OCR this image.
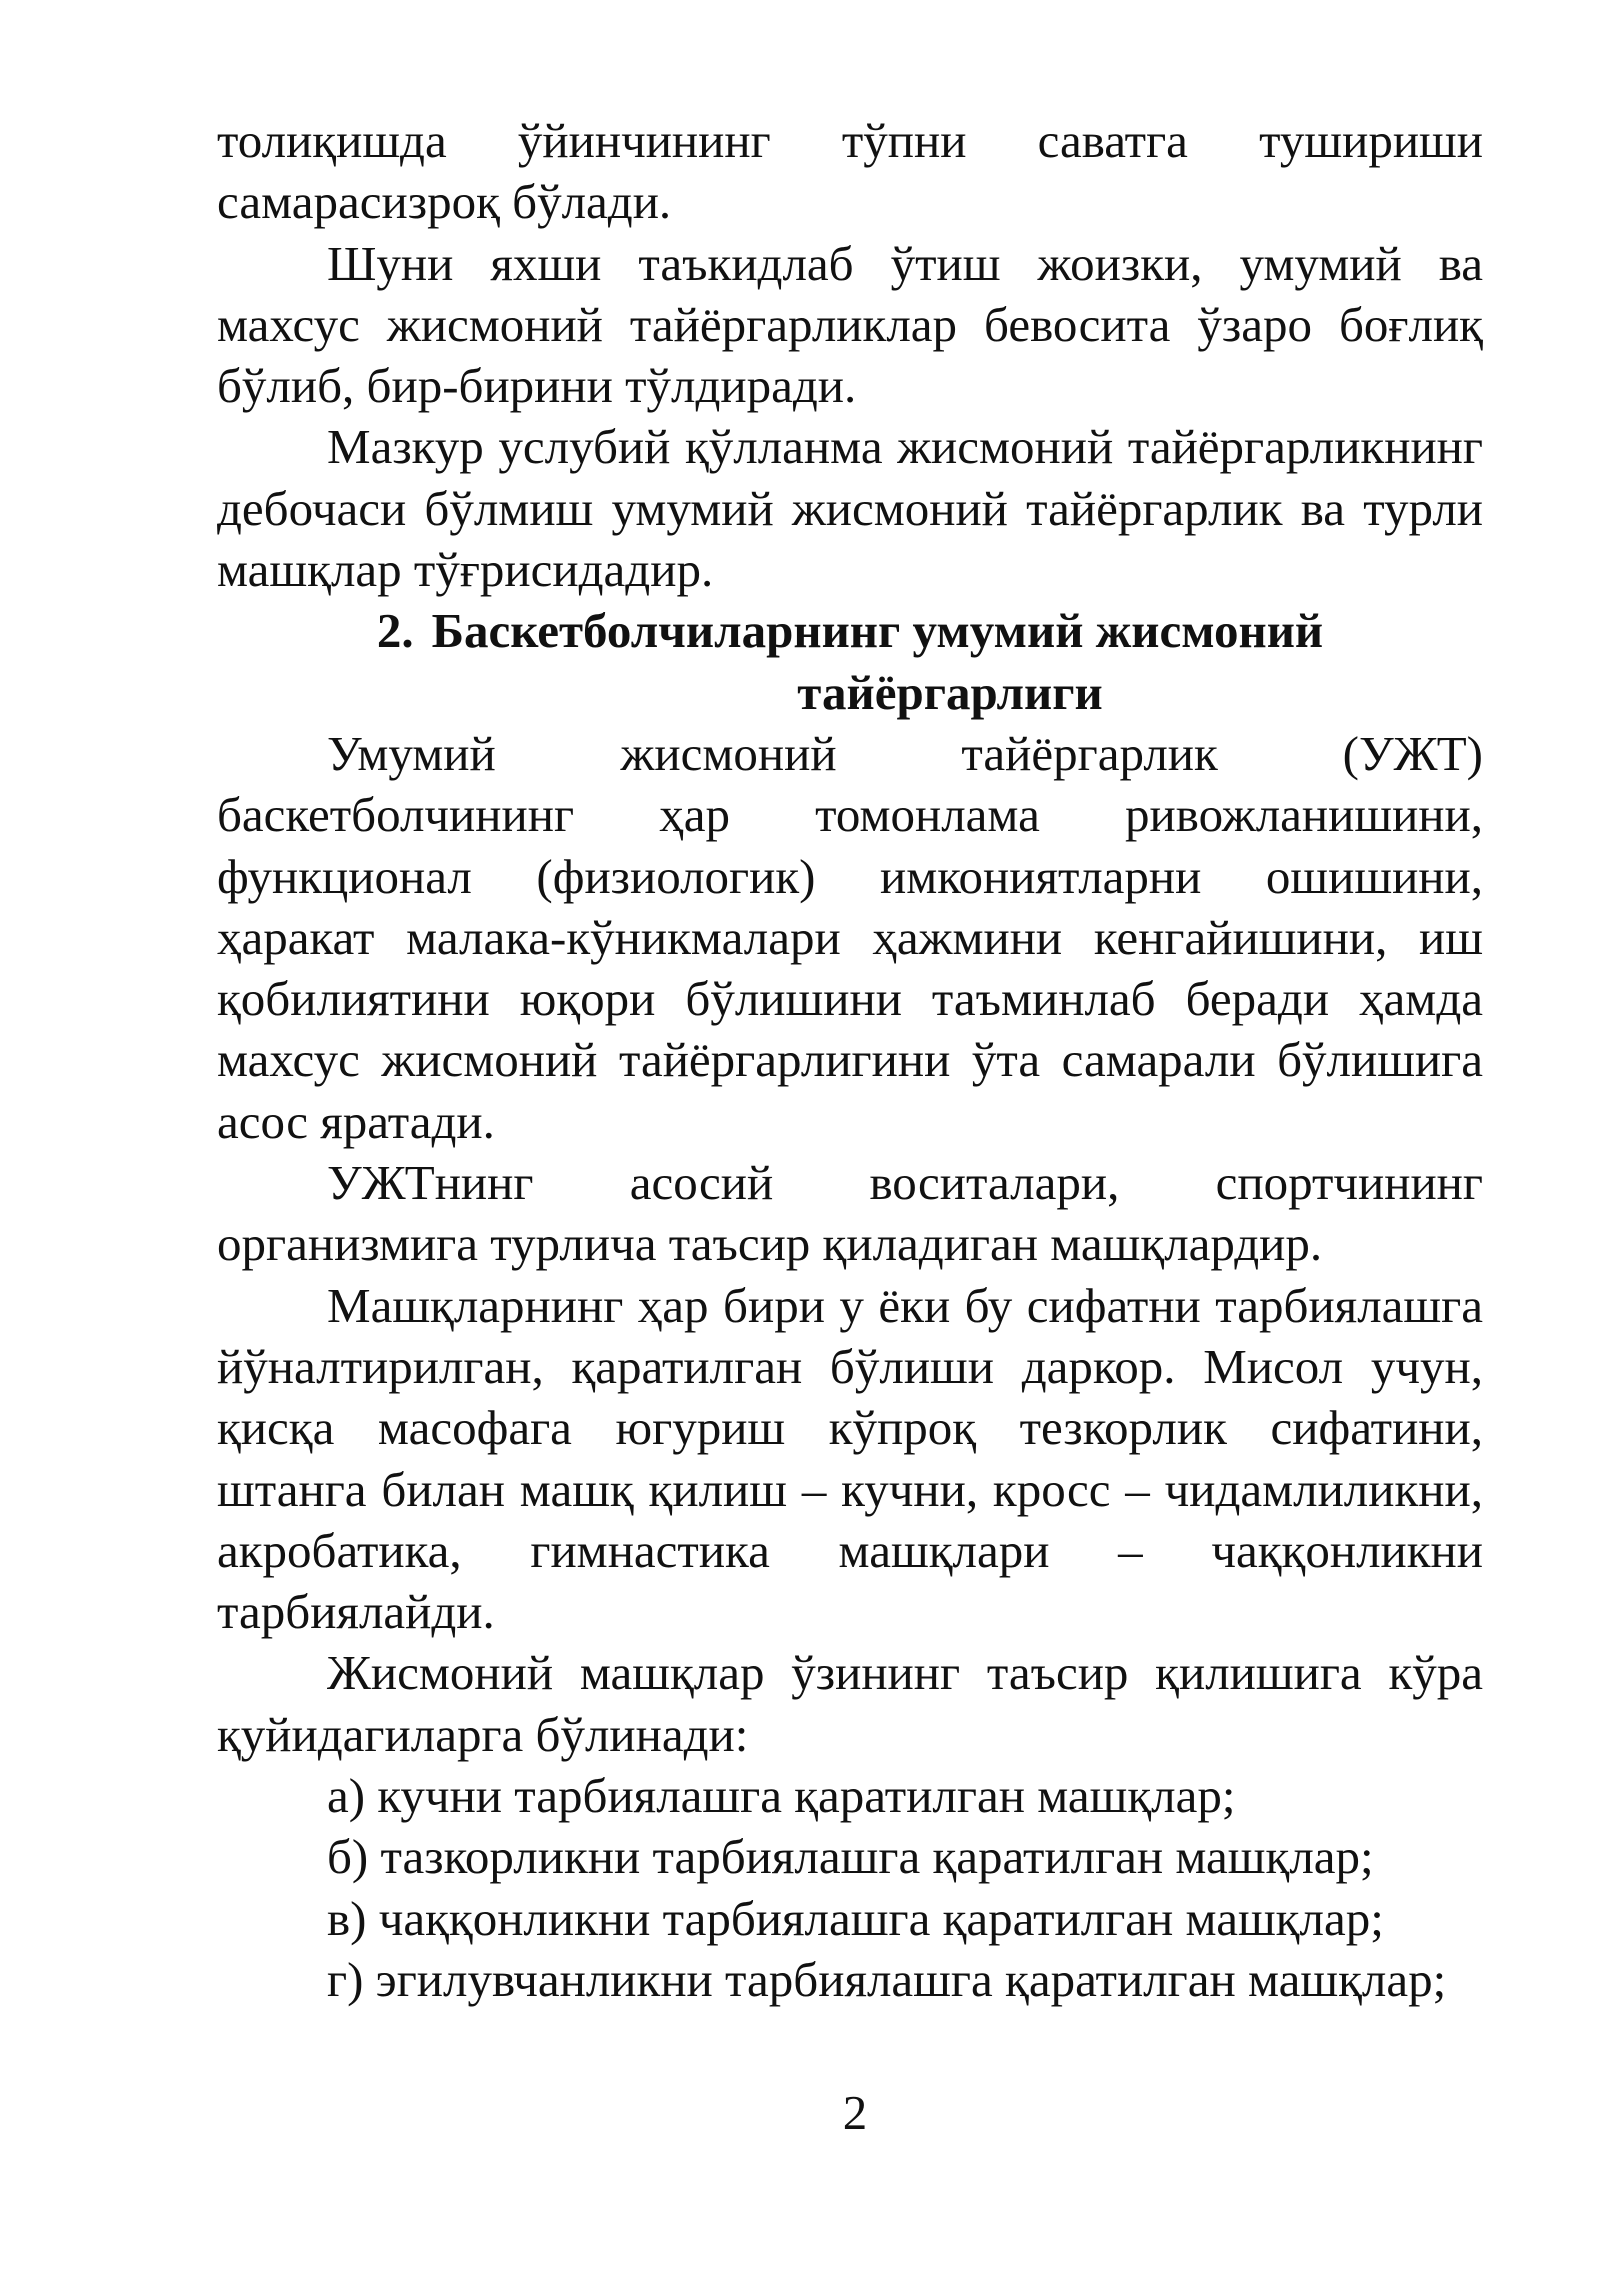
толиқишда ўйинчининг тўпни саватга тушириши самарасизроқ бўлади.

Шуни яхши таъкидлаб ўтиш жоизки, умумий ва махсус жисмоний тайёргарликлар бевосита ўзаро боғлиқ бўлиб, бир-бирини тўлдиради.

Мазкур услубий қўлланма жисмоний тайёргарликнинг дебочаси бўлмиш умумий жисмоний тайёргарлик ва турли машқлар тўғрисидадир.

2. Баскетболчиларнинг умумий жисмоний
тайёргарлиги

Умумий жисмоний тайёргарлик (УЖТ) баскетболчининг ҳар томонлама ривожланишини, функционал (физиологик) имкониятларни ошишини, ҳаракат малака-кўникмалари ҳажмини кенгайишини, иш қобилиятини юқори бўлишини таъминлаб беради ҳамда махсус жисмоний тайёргарлигини ўта самарали бўлишига асос яратади.

УЖТнинг асосий воситалари, спортчининг организмига турлича таъсир қиладиган машқлардир.

Машқларнинг ҳар бири у ёки бу сифатни тарбиялашга йўналтирилган, қаратилган бўлиши даркор. Мисол учун, қисқа масофага югуриш кўпроқ тезкорлик сифатини, штанга билан машқ қилиш – кучни, кросс – чидамлиликни, акробатика, гимнастика машқлари – чаққонликни тарбиялайди.

Жисмоний машқлар ўзининг таъсир қилишига кўра қуйидагиларга бўлинади:

а) кучни тарбиялашга қаратилган машқлар;

б) тазкорликни тарбиялашга қаратилган машқлар;

в) чаққонликни тарбиялашга қаратилган машқлар;

г) эгилувчанликни тарбиялашга қаратилган машқлар;

2
